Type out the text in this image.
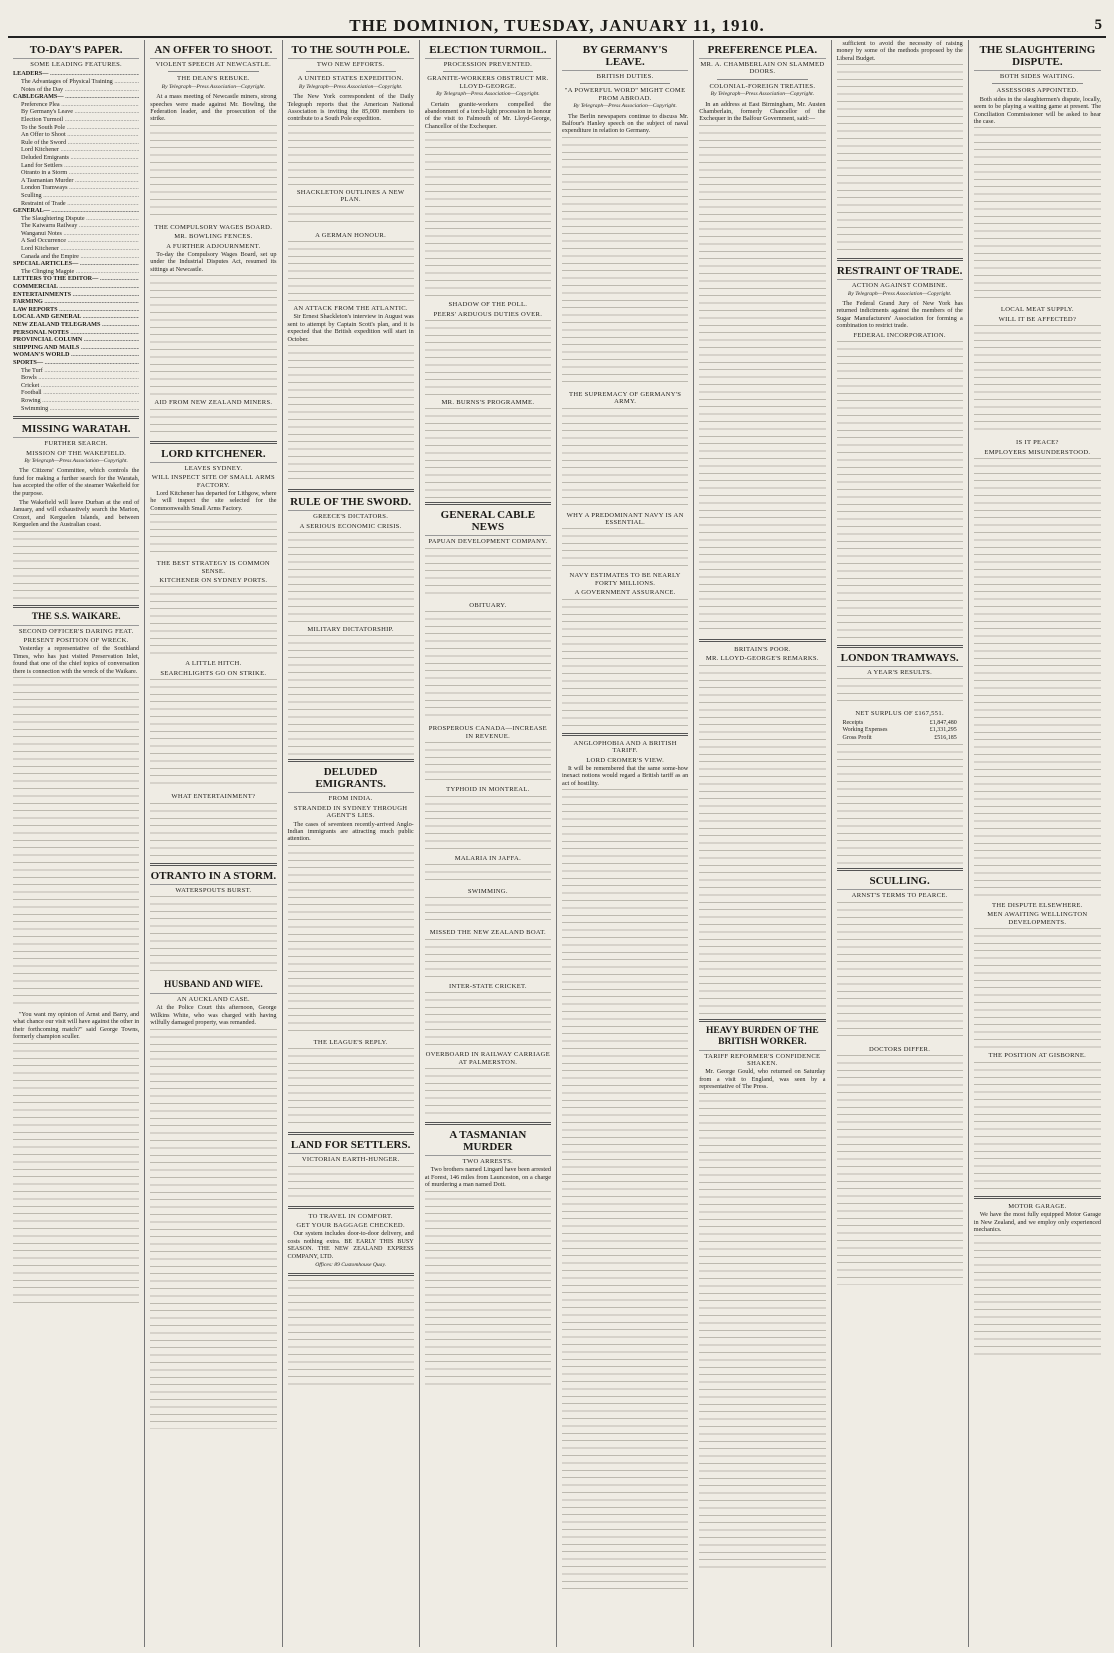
THE DOMINION, TUESDAY, JANUARY 11, 1910.	5
TO-DAY'S PAPER.
SOME LEADING FEATURES.
LEADERS— .....
The Advantages of Physical Training .....
Notes of the Day .....
CABLEGRAMS— .....
Preference Plea .....
By Germany's Leave .....
Election Turmoil .....
To the South Pole .....
An Offer to Shoot .....
Rule of the Sword .....
Lord Kitchener .....
Deluded Emigrants .....
Land for Settlers .....
Otranto in a Storm .....
A Tasmanian Murder .....
London Tramways .....
Sculling .....
Restraint of Trade .....
GENERAL— .....
The Slaughtering Dispute .....
The Kaiwarra Railway .....
Wanganui Notes .....
A Sad Occurrence .....
Lord Kitchener .....
Canada and the Empire .....
SPECIAL ARTICLES— .....
The Clinging Magpie .....
LETTERS TO THE EDITOR— .....
COMMERCIAL .....
ENTERTAINMENTS .....
FARMING .....
LAW REPORTS .....
LOCAL AND GENERAL .....
NEW ZEALAND TELEGRAMS .....
PERSONAL NOTES .....
PROVINCIAL COLUMN .....
SHIPPING AND MAILS .....
WOMAN'S WORLD .....
SPORTS— .....
The Turf .....
Bowls .....
Cricket .....
Football .....
Rowing .....
Swimming .....
MISSING WARATAH.
FURTHER SEARCH.
MISSION OF THE WAKEFIELD.
By Telegraph—Press Association—Copyright.

The Citizens' Committee, which controls the fund for making a further search for the Waratah, has accepted the offer of the steamer Wakefield for the purpose.

The Wakefield will leave Durban at the end of January, and will exhaustively search the Marion, Crozet, and Kerguelen Islands, and between Kerguelen and the Australian coast.

THE S.S. WAIKARE.
SECOND OFFICER'S DARING FEAT.
PRESENT POSITION OF WRECK.

Yesterday a representative of the Southland Times, who has just visited Preservation Inlet, found that one of the chief topics of conversation there is connection with the wreck of the Waikare.

"You want my opinion of Arnst and Barry, and what chance our visit will have against the other in their forthcoming match?" said George Towns, formerly champion sculler.

AN OFFER TO SHOOT.
VIOLENT SPEECH AT NEWCASTLE.
THE DEAN'S REBUKE.
By Telegraph—Press Association—Copyright.

At a mass meeting of Newcastle miners, strong speeches were made against Mr. Bowling, the Federation leader, and the prosecution of the strike.

THE COMPULSORY WAGES BOARD.
MR. BOWLING FENCES.
A FURTHER ADJOURNMENT.

To-day the Compulsory Wages Board, set up under the Industrial Disputes Act, resumed its sittings at Newcastle.

AID FROM NEW ZEALAND MINERS.
LORD KITCHENER.
LEAVES SYDNEY.
WILL INSPECT SITE OF SMALL ARMS FACTORY.

Lord Kitchener has departed for Lithgow, where he will inspect the site selected for the Commonwealth Small Arms Factory.

THE BEST STRATEGY IS COMMON SENSE.
KITCHENER ON SYDNEY PORTS.
A LITTLE HITCH.
SEARCHLIGHTS GO ON STRIKE.
WHAT ENTERTAINMENT?
OTRANTO IN A STORM.
WATERSPOUTS BURST.
HUSBAND AND WIFE.
AN AUCKLAND CASE.

At the Police Court this afternoon, George Wilkins White, who was charged with having wilfully damaged property, was remanded.

TO THE SOUTH POLE.
TWO NEW EFFORTS.
A UNITED STATES EXPEDITION.
By Telegraph—Press Association—Copyright.

The New York correspondent of the Daily Telegraph reports that the American National Association is inviting the 85,000 members to contribute to a South Pole expedition.

SHACKLETON OUTLINES A NEW PLAN.
A GERMAN HONOUR.
AN ATTACK FROM THE ATLANTIC.

Sir Ernest Shackleton's interview in August was sent to attempt by Captain Scott's plan, and it is expected that the British expedition will start in October.

RULE OF THE SWORD.
GREECE'S DICTATORS.
A SERIOUS ECONOMIC CRISIS.
MILITARY DICTATORSHIP.
DELUDED EMIGRANTS.
FROM INDIA.
STRANDED IN SYDNEY THROUGH AGENT'S LIES.

The cases of seventeen recently-arrived Anglo-Indian immigrants are attracting much public attention.

THE LEAGUE'S REPLY.
LAND FOR SETTLERS.
VICTORIAN EARTH-HUNGER.
TO TRAVEL IN COMFORT.
GET YOUR BAGGAGE CHECKED.

Our system includes door-to-door delivery, and costs nothing extra. BE EARLY THIS BUSY SEASON. THE NEW ZEALAND EXPRESS COMPANY, LTD.

Offices: 89 Customhouse Quay.
ELECTION TURMOIL.
PROCESSION PREVENTED.
GRANITE-WORKERS OBSTRUCT MR. LLOYD-GEORGE.
By Telegraph—Press Association—Copyright.

Certain granite-workers compelled the abandonment of a torch-light procession in honour of the visit to Falmouth of Mr. Lloyd-George, Chancellor of the Exchequer.

SHADOW OF THE POLL.
PEERS' ARDUOUS DUTIES OVER.
MR. BURNS'S PROGRAMME.
GENERAL CABLE NEWS
PAPUAN DEVELOPMENT COMPANY.
OBITUARY.
PROSPEROUS CANADA—INCREASE IN REVENUE.
TYPHOID IN MONTREAL.
MALARIA IN JAFFA.
SWIMMING.
MISSED THE NEW ZEALAND BOAT.
INTER-STATE CRICKET.
OVERBOARD IN RAILWAY CARRIAGE AT PALMERSTON.
A TASMANIAN MURDER
TWO ARRESTS.

Two brothers named Lingard have been arrested at Forest, 146 miles from Launceston, on a charge of murdering a man named Dott.

BY GERMANY'S LEAVE.
BRITISH DUTIES.
"A POWERFUL WORD" MIGHT COME FROM ABROAD.
By Telegraph—Press Association—Copyright.

The Berlin newspapers continue to discuss Mr. Balfour's Hanley speech on the subject of naval expenditure in relation to Germany.

THE SUPREMACY OF GERMANY'S ARMY.
WHY A PREDOMINANT NAVY IS AN ESSENTIAL.
NAVY ESTIMATES TO BE NEARLY FORTY MILLIONS.
A GOVERNMENT ASSURANCE.
ANGLOPHOBIA AND A BRITISH TARIFF.
LORD CROMER'S VIEW.

It will be remembered that the same some-how inexact notions would regard a British tariff as an act of hostility.

PREFERENCE PLEA.
MR. A. CHAMBERLAIN ON SLAMMED DOORS.
COLONIAL-FOREIGN TREATIES.
By Telegraph—Press Association—Copyright.

In an address at East Birmingham, Mr. Austen Chamberlain, formerly Chancellor of the Exchequer in the Balfour Government, said:—

BRITAIN'S POOR.
MR. LLOYD-GEORGE'S REMARKS.
HEAVY BURDEN OF THE BRITISH WORKER.
TARIFF REFORMER'S CONFIDENCE SHAKEN.

Mr. George Gould, who returned on Saturday from a visit to England, was seen by a representative of The Press.

sufficient to avoid the necessity of raising money by some of the methods proposed by the Liberal Budget.

RESTRAINT OF TRADE.
ACTION AGAINST COMBINE.
By Telegraph—Press Association—Copyright.

The Federal Grand Jury of New York has returned indictments against the members of the Sugar Manufacturers' Association for forming a combination to restrict trade.

FEDERAL INCORPORATION.
LONDON TRAMWAYS.
A YEAR'S RESULTS.
NET SURPLUS OF £167,551.
Receipts	£1,847,480
Working Expenses	£1,331,295
Gross Profit	£516,185
SCULLING.
ARNST'S TERMS TO PEARCE.
DOCTORS DIFFER.
THE SLAUGHTERING DISPUTE.
BOTH SIDES WAITING.
ASSESSORS APPOINTED.

Both sides in the slaughtermen's dispute, locally, seem to be playing a waiting game at present. The Conciliation Commissioner will be asked to hear the case.

LOCAL MEAT SUPPLY.
WILL IT BE AFFECTED?
IS IT PEACE?
EMPLOYERS MISUNDERSTOOD.
THE DISPUTE ELSEWHERE.
MEN AWAITING WELLINGTON DEVELOPMENTS.
THE POSITION AT GISBORNE.
MOTOR GARAGE.

We have the most fully equipped Motor Garage in New Zealand, and we employ only experienced mechanics.
